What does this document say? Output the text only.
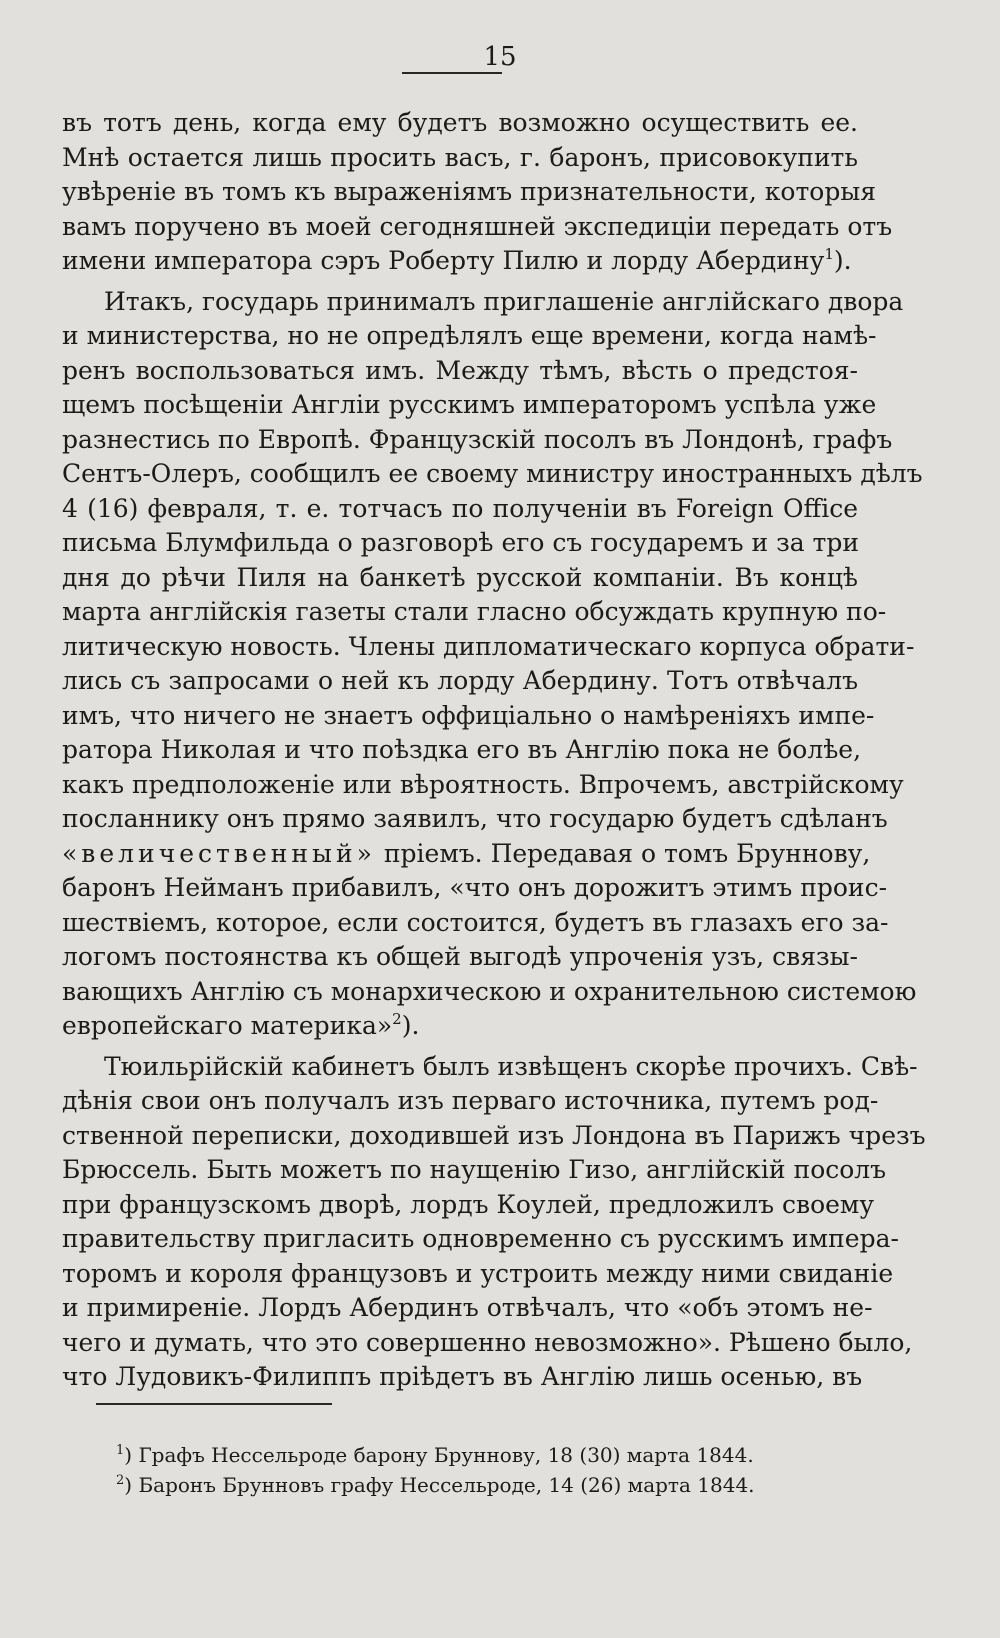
15
въ тотъ день, когда ему будетъ возможно осуществить ее.
Мнѣ остается лишь просить васъ, г. баронъ, присовокупить
увѣреніе въ томъ къ выраженіямъ признательности, которыя
вамъ поручено въ моей сегодняшней экспедиціи передать отъ
имени императора сэръ Роберту Пилю и лорду Абердину$^1$).
Итакъ, государь принималъ приглашеніе англійскаго двора
и министерства, но не опредѣлялъ еще времени, когда намѣ-
ренъ воспользоваться имъ. Между тѣмъ, вѣсть о предстоя-
щемъ посѣщеніи Англіи русскимъ императоромъ успѣла уже
разнестись по Европѣ. Французскій посолъ въ Лондонѣ, графъ
Сентъ-Олеръ, сообщилъ ее своему министру иностранныхъ дѣлъ
4 (16) февраля, т. е. тотчасъ по полученіи въ Foreign Office
письма Блумфильда о разговорѣ его съ государемъ и за три
дня до рѣчи Пиля на банкетѣ русской компаніи. Въ концѣ
марта англійскія газеты стали гласно обсуждать крупную по-
литическую новость. Члены дипломатическаго корпуса обрати-
лись съ запросами о ней къ лорду Абердину. Тотъ отвѣчалъ
имъ, что ничего не знаетъ оффиціально о намѣреніяхъ импе-
ратора Николая и что поѣздка его въ Англію пока не болѣе,
какъ предположеніе или вѣроятность. Впрочемъ, австрійскому
посланнику онъ прямо заявилъ, что государю будетъ сдѣланъ
«величественный» пріемъ. Передавая о томъ Бруннову,
баронъ Нейманъ прибавилъ, «что онъ дорожитъ этимъ проис-
шествіемъ, которое, если состоится, будетъ въ глазахъ его за-
логомъ постоянства къ общей выгодѣ упроченія узъ, связы-
вающихъ Англію съ монархическою и охранительною системою
европейскаго материка»$^2$).
Тюильрійскій кабинетъ былъ извѣщенъ скорѣе прочихъ. Свѣ-
дѣнія свои онъ получалъ изъ перваго источника, путемъ род-
ственной переписки, доходившей изъ Лондона въ Парижъ чрезъ
Брюссель. Быть можетъ по наущенію Гизо, англійскій посолъ
при французскомъ дворѣ, лордъ Коулей, предложилъ своему
правительству пригласить одновременно съ русскимъ импера-
торомъ и короля французовъ и устроить между ними свиданіе
и примиреніе. Лордъ Абердинъ отвѣчалъ, что «объ этомъ не-
чего и думать, что это совершенно невозможно». Рѣшено было,
что Лудовикъ-Филиппъ пріѣдетъ въ Англію лишь осенью, въ
$^1$) Графъ Нессельроде барону Бруннову, 18 (30) марта 1844.
$^2$) Баронъ Брунновъ графу Нессельроде, 14 (26) марта 1844.
